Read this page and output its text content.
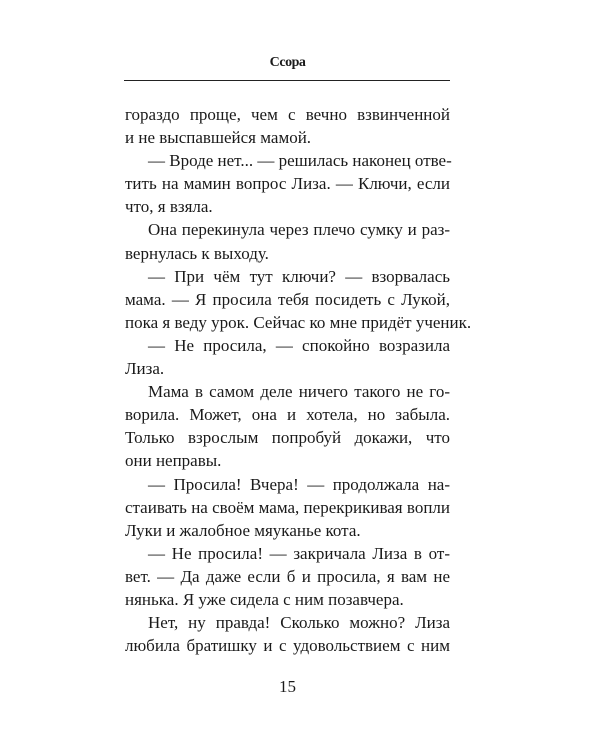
Ссора
гораздо проще, чем с вечно взвинченной
и не выспавшейся мамой.
— Вроде нет... — решилась наконец отве-
тить на мамин вопрос Лиза. — Ключи, если
что, я взяла.
Она перекинула через плечо сумку и раз-
вернулась к выходу.
— При чём тут ключи? — взорвалась
мама. — Я просила тебя посидеть с Лукой,
пока я веду урок. Сейчас ко мне придёт ученик.
— Не просила, — спокойно возразила
Лиза.
Мама в самом деле ничего такого не го-
ворила. Может, она и хотела, но забыла.
Только взрослым попробуй докажи, что
они неправы.
— Просила! Вчера! — продолжала на-
стаивать на своём мама, перекрикивая вопли
Луки и жалобное мяуканье кота.
— Не просила! — закричала Лиза в от-
вет. — Да даже если б и просила, я вам не
нянька. Я уже сидела с ним позавчера.
Нет, ну правда! Сколько можно? Лиза
любила братишку и с удовольствием с ним
15
